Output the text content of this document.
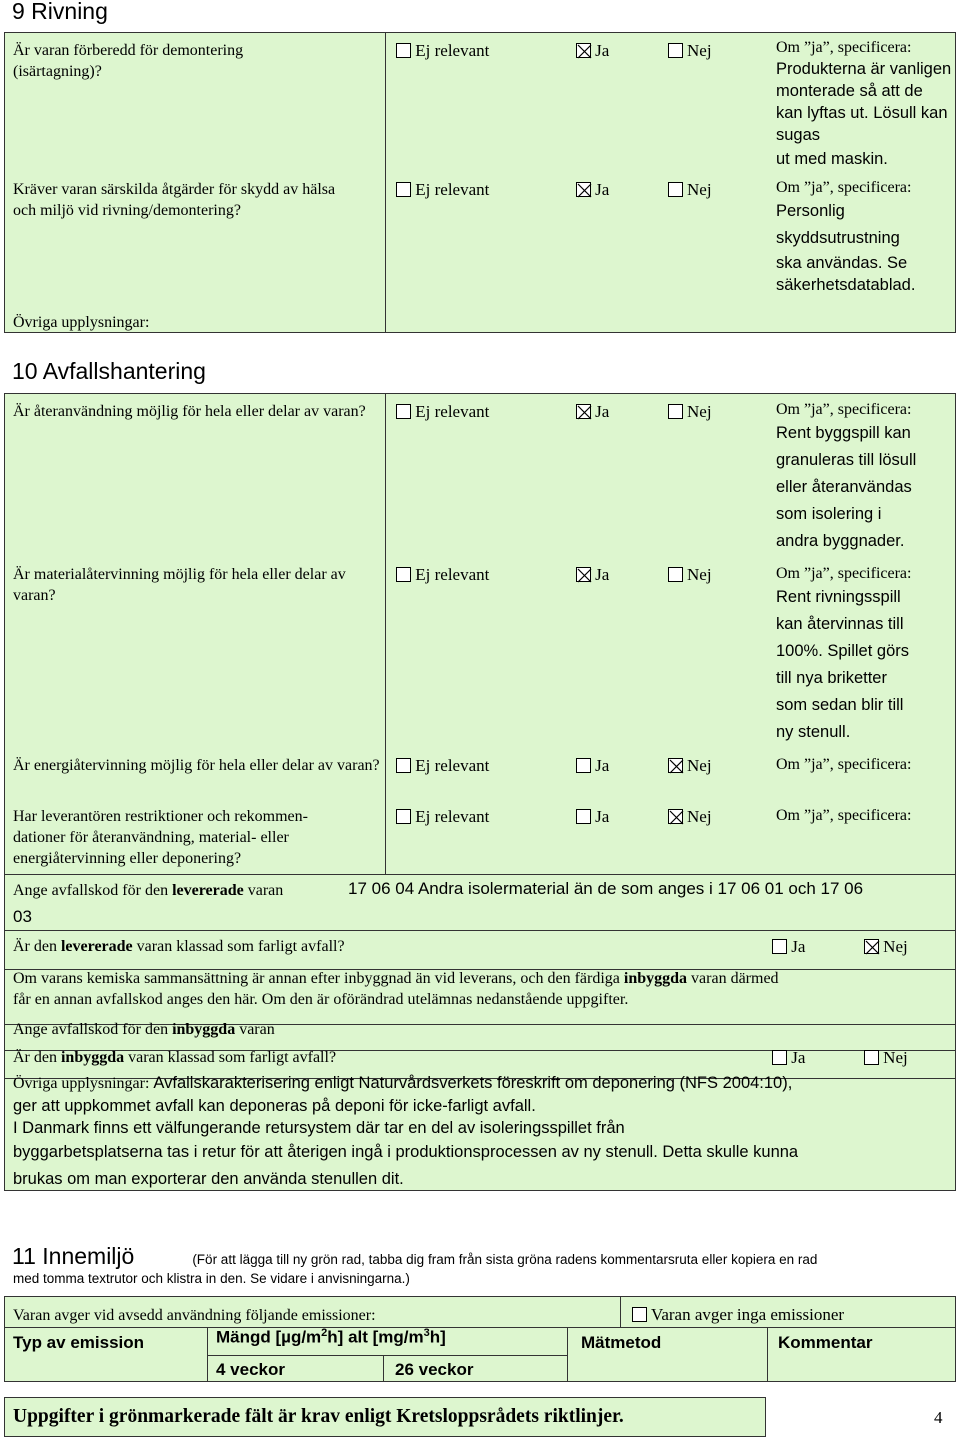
9 Rivning
Är varan förberedd för demontering (isärtagning)?
Ej relevant	Ja	Nej	Om ”ja”, specificera:
Produkterna är vanligen monterade så att de kan lyftas ut. Lösull kan sugas
ut med maskin.
Kräver varan särskilda åtgärder för skydd av hälsa och miljö vid rivning/demontering?
Ej relevant	Ja	Nej	Om ”ja”, specificera:
Personlig
skyddsutrustning
ska användas. Se säkerhetsdatablad.
Övriga upplysningar:
10 Avfallshantering
Är återanvändning möjlig för hela eller delar av varan?	Ej relevant	Ja	Nej	Om ”ja”, specificera:
Rent byggspill kan
granuleras till lösull
eller återanvändas
som isolering i
andra byggnader.
Är materialåtervinning möjlig för hela eller delar av varan?
Ej relevant	Ja	Nej	Om ”ja”, specificera:
Rent rivningsspill
kan återvinnas till
100%. Spillet görs
till nya briketter
som sedan blir till
ny stenull.
Är energiåtervinning möjlig för hela eller delar av varan?	Ej relevant	Ja	Nej	Om ”ja”, specificera:
Har leverantören restriktioner och rekommen-
dationer för återanvändning, material- eller
energiåtervinning eller deponering?
Ej relevant	Ja	Nej	Om ”ja”, specificera:
Ange avfallskod för den levererade varan	17 06 04 Andra isolermaterial än de som anges i 17 06 01 och 17 06
03
Är den levererade varan klassad som farligt avfall?	Ja	Nej
Om varans kemiska sammansättning är annan efter inbyggnad än vid leverans, och den färdiga inbyggda varan därmed
får en annan avfallskod anges den här. Om den är oförändrad utelämnas nedanstående uppgifter.
Ange avfallskod för den inbyggda varan
Är den inbyggda varan klassad som farligt avfall?	Ja	Nej
Övriga upplysningar: Avfallskarakterisering enligt Naturvårdsverkets föreskrift om deponering (NFS 2004:10),
ger att uppkommet avfall kan deponeras på deponi för icke-farligt avfall.
I Danmark finns ett välfungerande retursystem där tar en del av isoleringsspillet från
byggarbetsplatserna tas i retur för att återigen ingå i produktionsprocessen av ny stenull. Detta skulle kunna
brukas om man exporterar den använda stenullen dit.
11 Innemiljö	(För att lägga till ny grön rad, tabba dig fram från sista gröna radens kommentarsruta eller kopiera en rad
med tomma textrutor och klistra in den. Se vidare i anvisningarna.)
Varan avger vid avsedd användning följande emissioner:	Varan avger inga emissioner
Typ av emission	Mängd $[\mu g/m^2h]$ alt $[mg/m^3h]$
4 veckor	26 veckor
Mätmetod	Kommentar
Uppgifter i grönmarkerade fält är krav enligt Kretsloppsrådets riktlinjer.	4
